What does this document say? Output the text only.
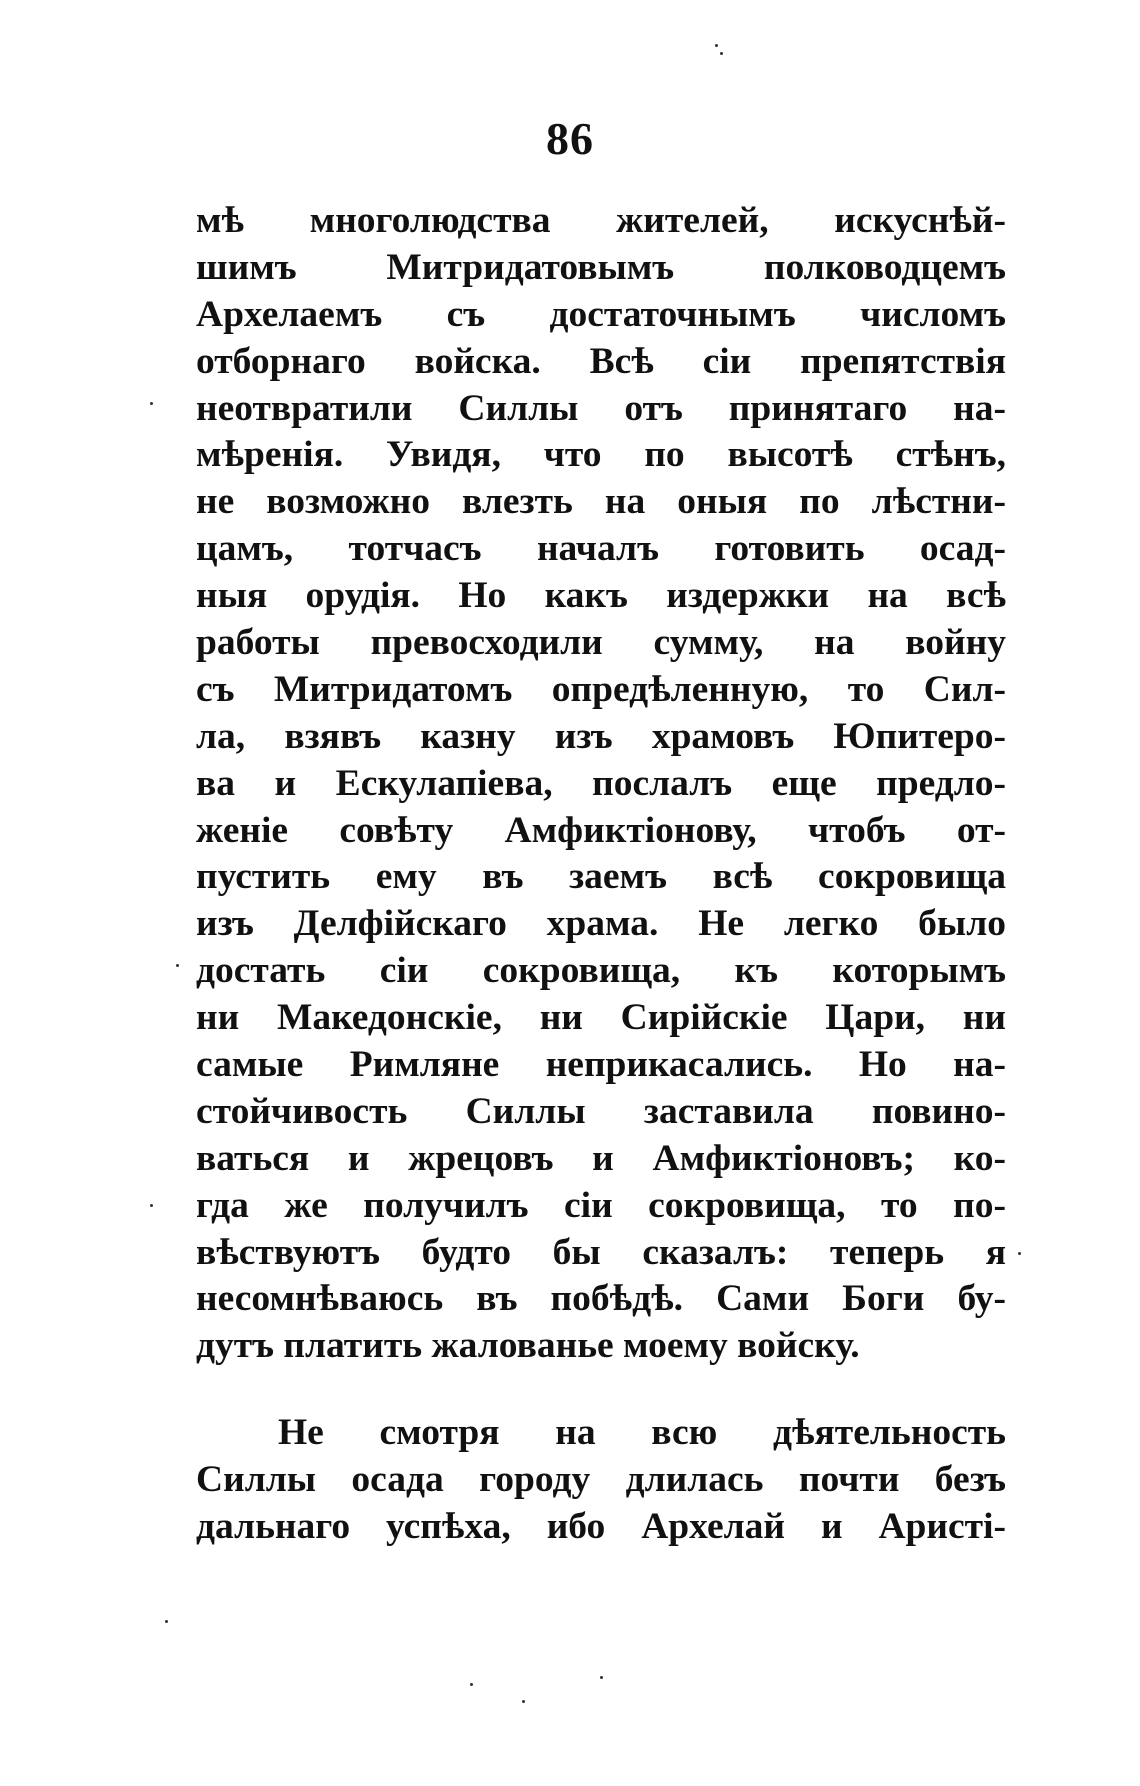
86
мѣ многолюдства жителей, искуснѣй-
шимъ Митридатовымъ полководцемъ
Архелаемъ съ достаточнымъ числомъ
отборнаго войска. Всѣ сіи препятствія
неотвратили Силлы отъ принятаго на-
мѣренія. Увидя, что по высотѣ стѣнъ,
не возможно влезть на оныя по лѣстни-
цамъ, тотчасъ началъ готовить осад-
ныя орудія. Но какъ издержки на всѣ
работы превосходили сумму, на войну
съ Митридатомъ опредѣленную, то Сил-
ла, взявъ казну изъ храмовъ Юпитеро-
ва и Ескулапіева, послалъ еще предло-
женіе совѣту Амфиктіонову, чтобъ от-
пустить ему въ заемъ всѣ сокровища
изъ Делфійскаго храма. Не легко было
достать сіи сокровища, къ которымъ
ни Македонскіе, ни Сирійскіе Цари, ни
самые Римляне неприкасались. Но на-
стойчивость Силлы заставила повино-
ваться и жрецовъ и Амфиктіоновъ; ко-
гда же получилъ сіи сокровища, то по-
вѣствуютъ будто бы сказалъ: теперь я
несомнѣваюсь въ побѣдѣ. Сами Боги бу-
дутъ платить жалованье моему войску.
Не смотря на всю дѣятельность
Силлы осада городу длилась почти безъ
дальнаго успѣха, ибо Архелай и Аристі-
